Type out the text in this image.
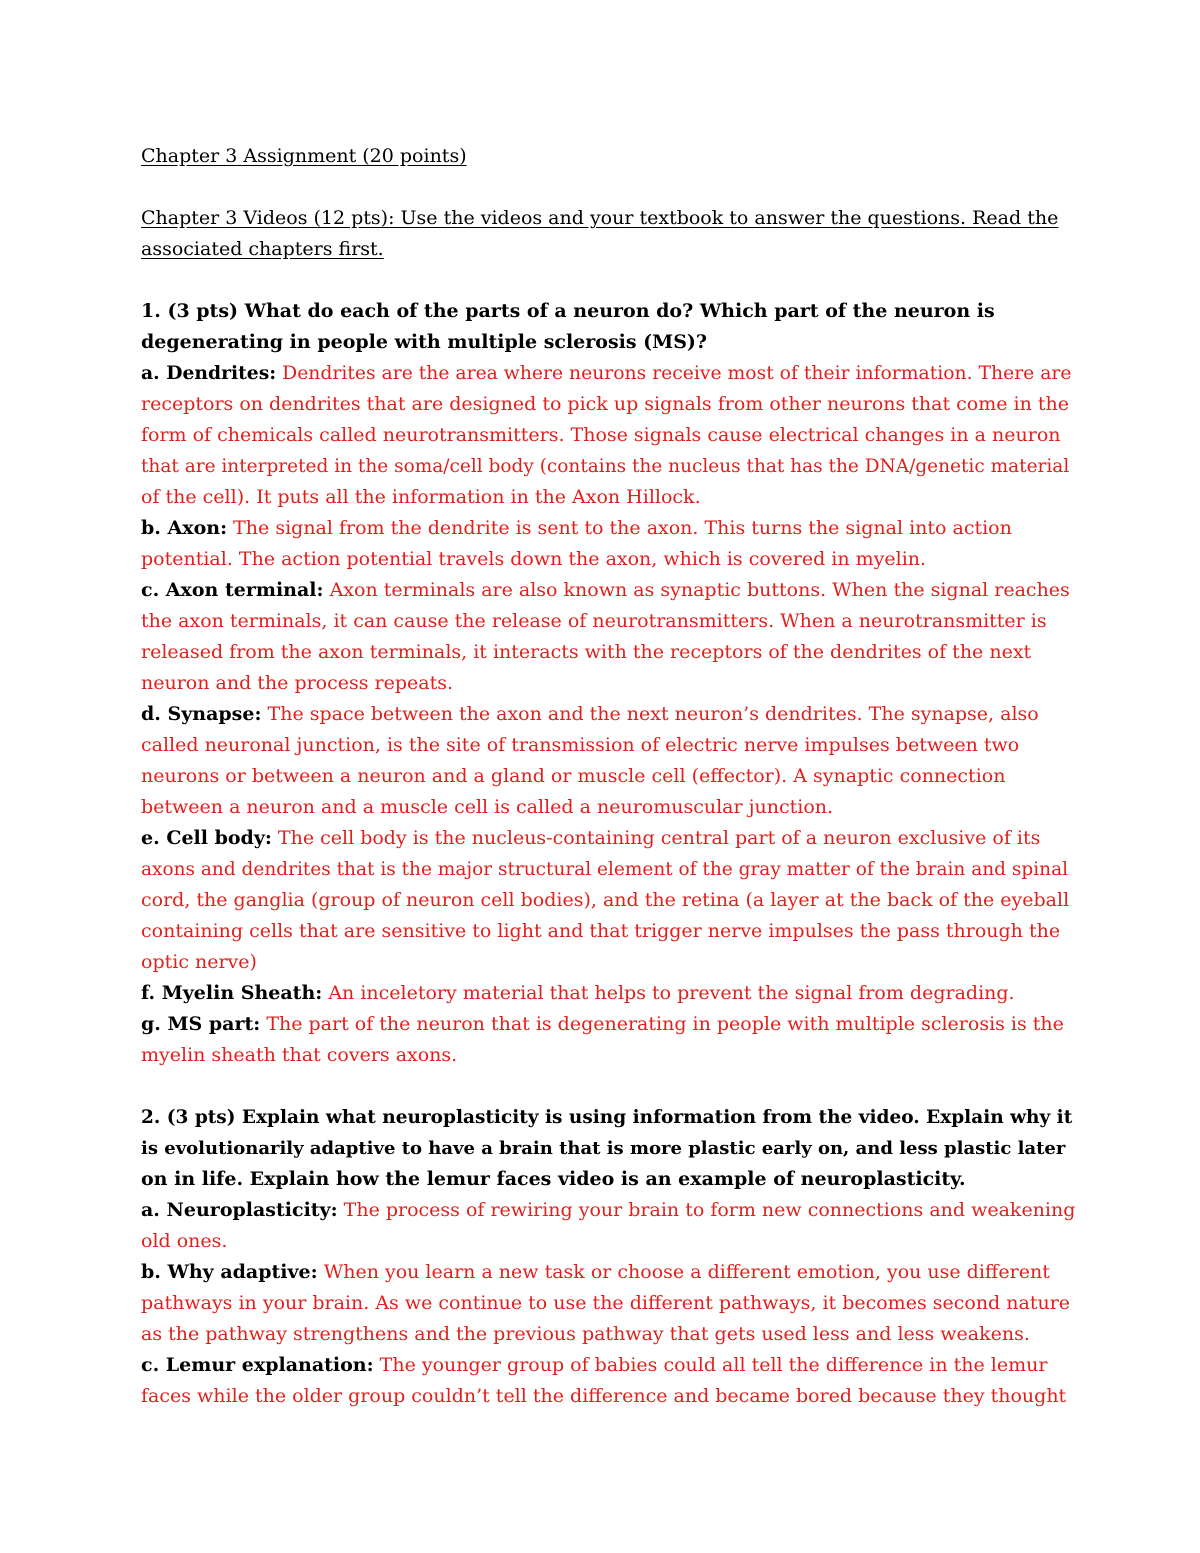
Chapter 3 Assignment (20 points)
Chapter 3 Videos (12 pts): Use the videos and your textbook to answer the questions. Read the
associated chapters first.
1. (3 pts) What do each of the parts of a neuron do? Which part of the neuron is
degenerating in people with multiple sclerosis (MS)?
a. Dendrites: Dendrites are the area where neurons receive most of their information. There are
receptors on dendrites that are designed to pick up signals from other neurons that come in the
form of chemicals called neurotransmitters. Those signals cause electrical changes in a neuron
that are interpreted in the soma/cell body (contains the nucleus that has the DNA/genetic material
of the cell). It puts all the information in the Axon Hillock.
b. Axon: The signal from the dendrite is sent to the axon. This turns the signal into action
potential. The action potential travels down the axon, which is covered in myelin.
c. Axon terminal: Axon terminals are also known as synaptic buttons. When the signal reaches
the axon terminals, it can cause the release of neurotransmitters. When a neurotransmitter is
released from the axon terminals, it interacts with the receptors of the dendrites of the next
neuron and the process repeats.
d. Synapse: The space between the axon and the next neuron’s dendrites. The synapse, also
called neuronal junction, is the site of transmission of electric nerve impulses between two
neurons or between a neuron and a gland or muscle cell (effector). A synaptic connection
between a neuron and a muscle cell is called a neuromuscular junction.
e. Cell body: The cell body is the nucleus-containing central part of a neuron exclusive of its
axons and dendrites that is the major structural element of the gray matter of the brain and spinal
cord, the ganglia (group of neuron cell bodies), and the retina (a layer at the back of the eyeball
containing cells that are sensitive to light and that trigger nerve impulses the pass through the
optic nerve)
f. Myelin Sheath: An inceletory material that helps to prevent the signal from degrading.
g. MS part: The part of the neuron that is degenerating in people with multiple sclerosis is the
myelin sheath that covers axons.
2. (3 pts) Explain what neuroplasticity is using information from the video. Explain why it
is evolutionarily adaptive to have a brain that is more plastic early on, and less plastic later
on in life. Explain how the lemur faces video is an example of neuroplasticity.
a. Neuroplasticity: The process of rewiring your brain to form new connections and weakening
old ones.
b. Why adaptive: When you learn a new task or choose a different emotion, you use different
pathways in your brain. As we continue to use the different pathways, it becomes second nature
as the pathway strengthens and the previous pathway that gets used less and less weakens.
c. Lemur explanation: The younger group of babies could all tell the difference in the lemur
faces while the older group couldn’t tell the difference and became bored because they thought
